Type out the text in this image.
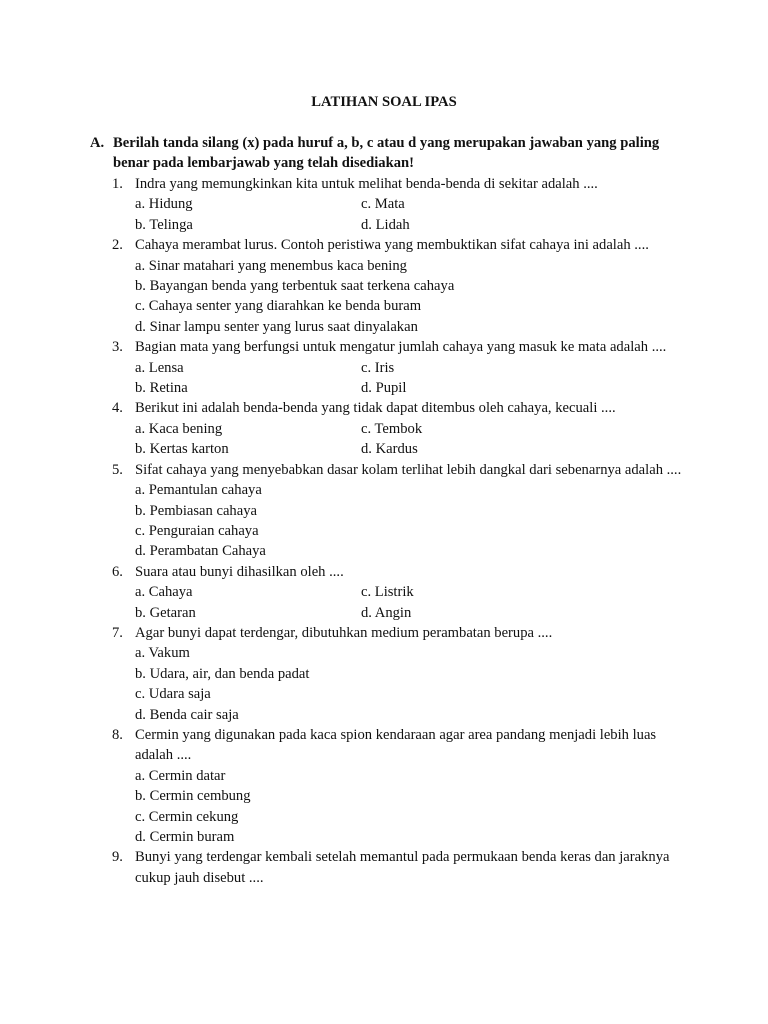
LATIHAN SOAL IPAS
A. Berilah tanda silang (x) pada huruf a, b, c atau d yang merupakan jawaban yang paling benar pada lembarjawab yang telah disediakan!
1. Indra yang memungkinkan kita untuk melihat benda-benda di sekitar adalah ....
a. Hidung	c. Mata
b. Telinga	d. Lidah
2. Cahaya merambat lurus. Contoh peristiwa yang membuktikan sifat cahaya ini adalah ....
a. Sinar matahari yang menembus kaca bening
b. Bayangan benda yang terbentuk saat terkena cahaya
c. Cahaya senter yang diarahkan ke benda buram
d. Sinar lampu senter yang lurus saat dinyalakan
3. Bagian mata yang berfungsi untuk mengatur jumlah cahaya yang masuk ke mata adalah ....
a. Lensa	c. Iris
b. Retina	d. Pupil
4. Berikut ini adalah benda-benda yang tidak dapat ditembus oleh cahaya, kecuali ....
a. Kaca bening	c. Tembok
b. Kertas karton	d. Kardus
5. Sifat cahaya yang menyebabkan dasar kolam terlihat lebih dangkal dari sebenarnya adalah ....
a. Pemantulan cahaya
b. Pembiasan cahaya
c. Penguraian cahaya
d. Perambatan Cahaya
6. Suara atau bunyi dihasilkan oleh ....
a. Cahaya	c. Listrik
b. Getaran	d. Angin
7. Agar bunyi dapat terdengar, dibutuhkan medium perambatan berupa ....
a. Vakum
b. Udara, air, dan benda padat
c. Udara saja
d. Benda cair saja
8. Cermin yang digunakan pada kaca spion kendaraan agar area pandang menjadi lebih luas adalah ....
a. Cermin datar
b. Cermin cembung
c. Cermin cekung
d. Cermin buram
9. Bunyi yang terdengar kembali setelah memantul pada permukaan benda keras dan jaraknya cukup jauh disebut ....
